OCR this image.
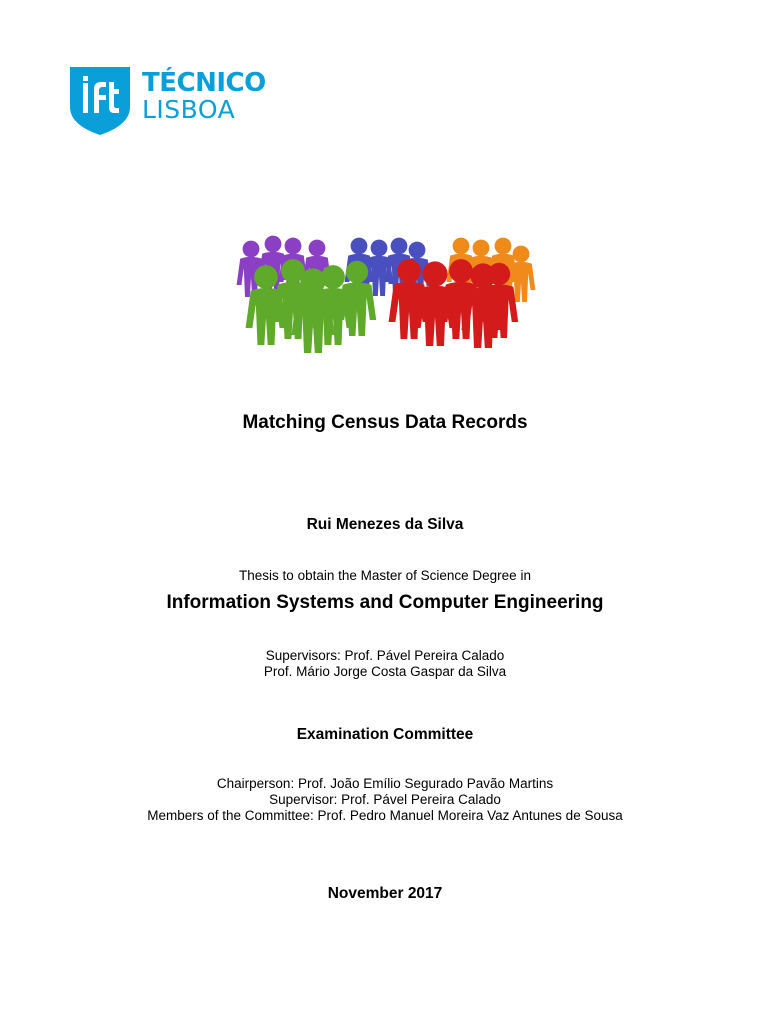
TÉCNICO
LISBOA
Matching Census Data Records
Rui Menezes da Silva
Thesis to obtain the Master of Science Degree in
Information Systems and Computer Engineering
Supervisors: Prof. Pável Pereira Calado
Prof. Mário Jorge Costa Gaspar da Silva
Examination Committee
Chairperson: Prof. João Emílio Segurado Pavão Martins
Supervisor: Prof. Pável Pereira Calado
Members of the Committee: Prof. Pedro Manuel Moreira Vaz Antunes de Sousa
November 2017
